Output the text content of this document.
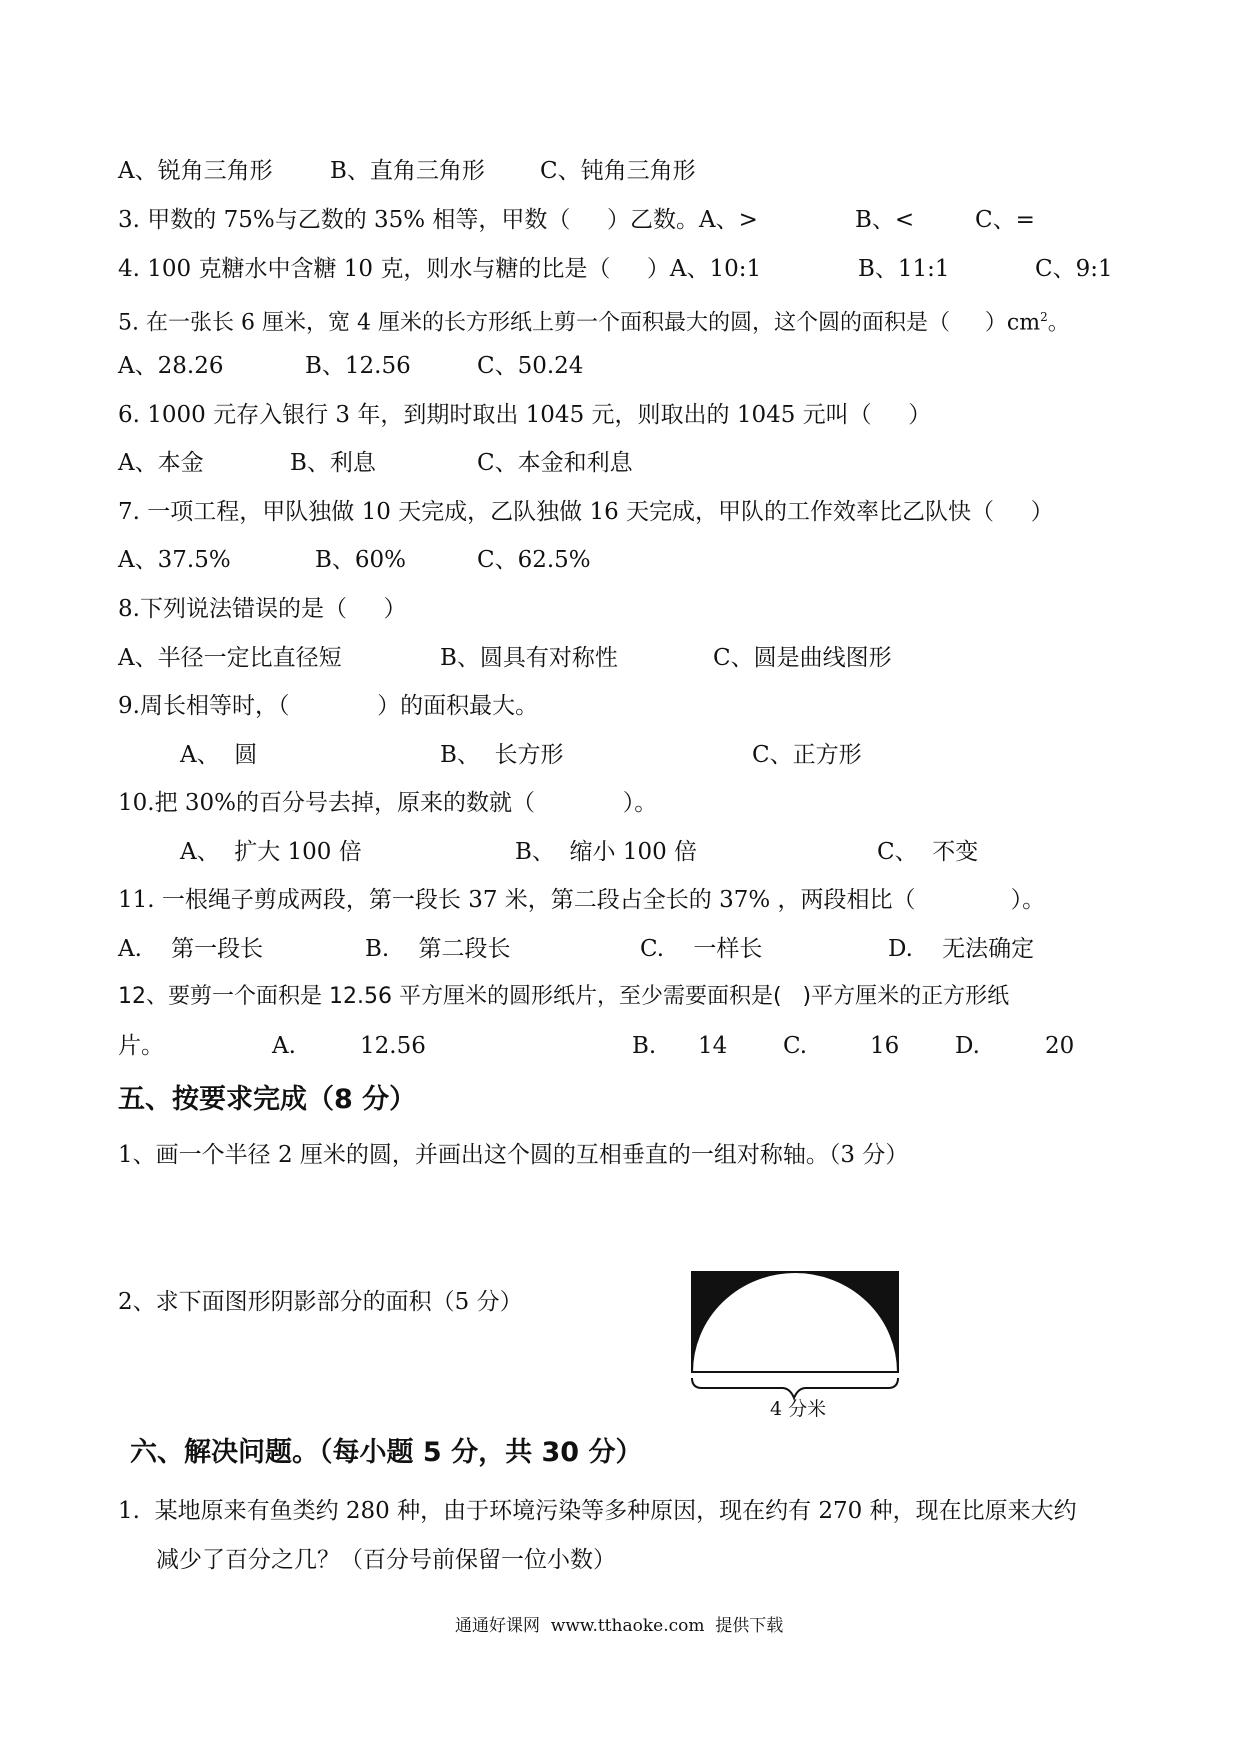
A、锐角三角形 B、直角三角形 C、钝角三角形
3. 甲数的 75%与乙数的 35% 相等，甲数（     ）乙数。A、>	B、<	C、=
4. 100 克糖水中含糖 10 克，则水与糖的比是（     ）A、10:1	B、11:1	C、9:1
5. 在一张长 6 厘米，宽 4 厘米的长方形纸上剪一个面积最大的圆，这个圆的面积是（     ）$cm^2$。
A、28.26	B、12.56	C、50.24
6. 1000 元存入银行 3 年，到期时取出 1045 元，则取出的 1045 元叫（     ）
A、本金	B、利息	C、本金和利息
7. 一项工程，甲队独做 10 天完成，乙队独做 16 天完成，甲队的工作效率比乙队快（     ）
A、37.5%	B、60%	C、62.5%
8.下列说法错误的是（     ）
A、半径一定比直径短	B、圆具有对称性	C、圆是曲线图形
9.周长相等时，（            ）的面积最大。
A、  圆	B、  长方形	C、正方形
10.把 30%的百分号去掉，原来的数就（            ）。
A、  扩大 100 倍	B、  缩小 100 倍	C、  不变
11. 一根绳子剪成两段，第一段长 37 米，第二段占全长的 37% ，两段相比（             ）。
A.    第一段长	B.    第二段长	C.    一样长	D.    无法确定
12、要剪一个面积是 12.56 平方厘米的圆形纸片，至少需要面积是(   )平方厘米的正方形纸
片。	A.	12.56	B. 14 C.	16 D.	20
五、按要求完成（8 分）
1、画一个半径 2 厘米的圆，并画出这个圆的互相垂直的一组对称轴。（3 分）
2、求下面图形阴影部分的面积（5 分）
4 分米
六、解决问题。（每小题 5 分，共 30 分）
1.  某地原来有鱼类约 280 种，由于环境污染等多种原因，现在约有 270 种，现在比原来大约
减少了百分之几？（百分号前保留一位小数）
通通好课网  www.tthaoke.com  提供下载
